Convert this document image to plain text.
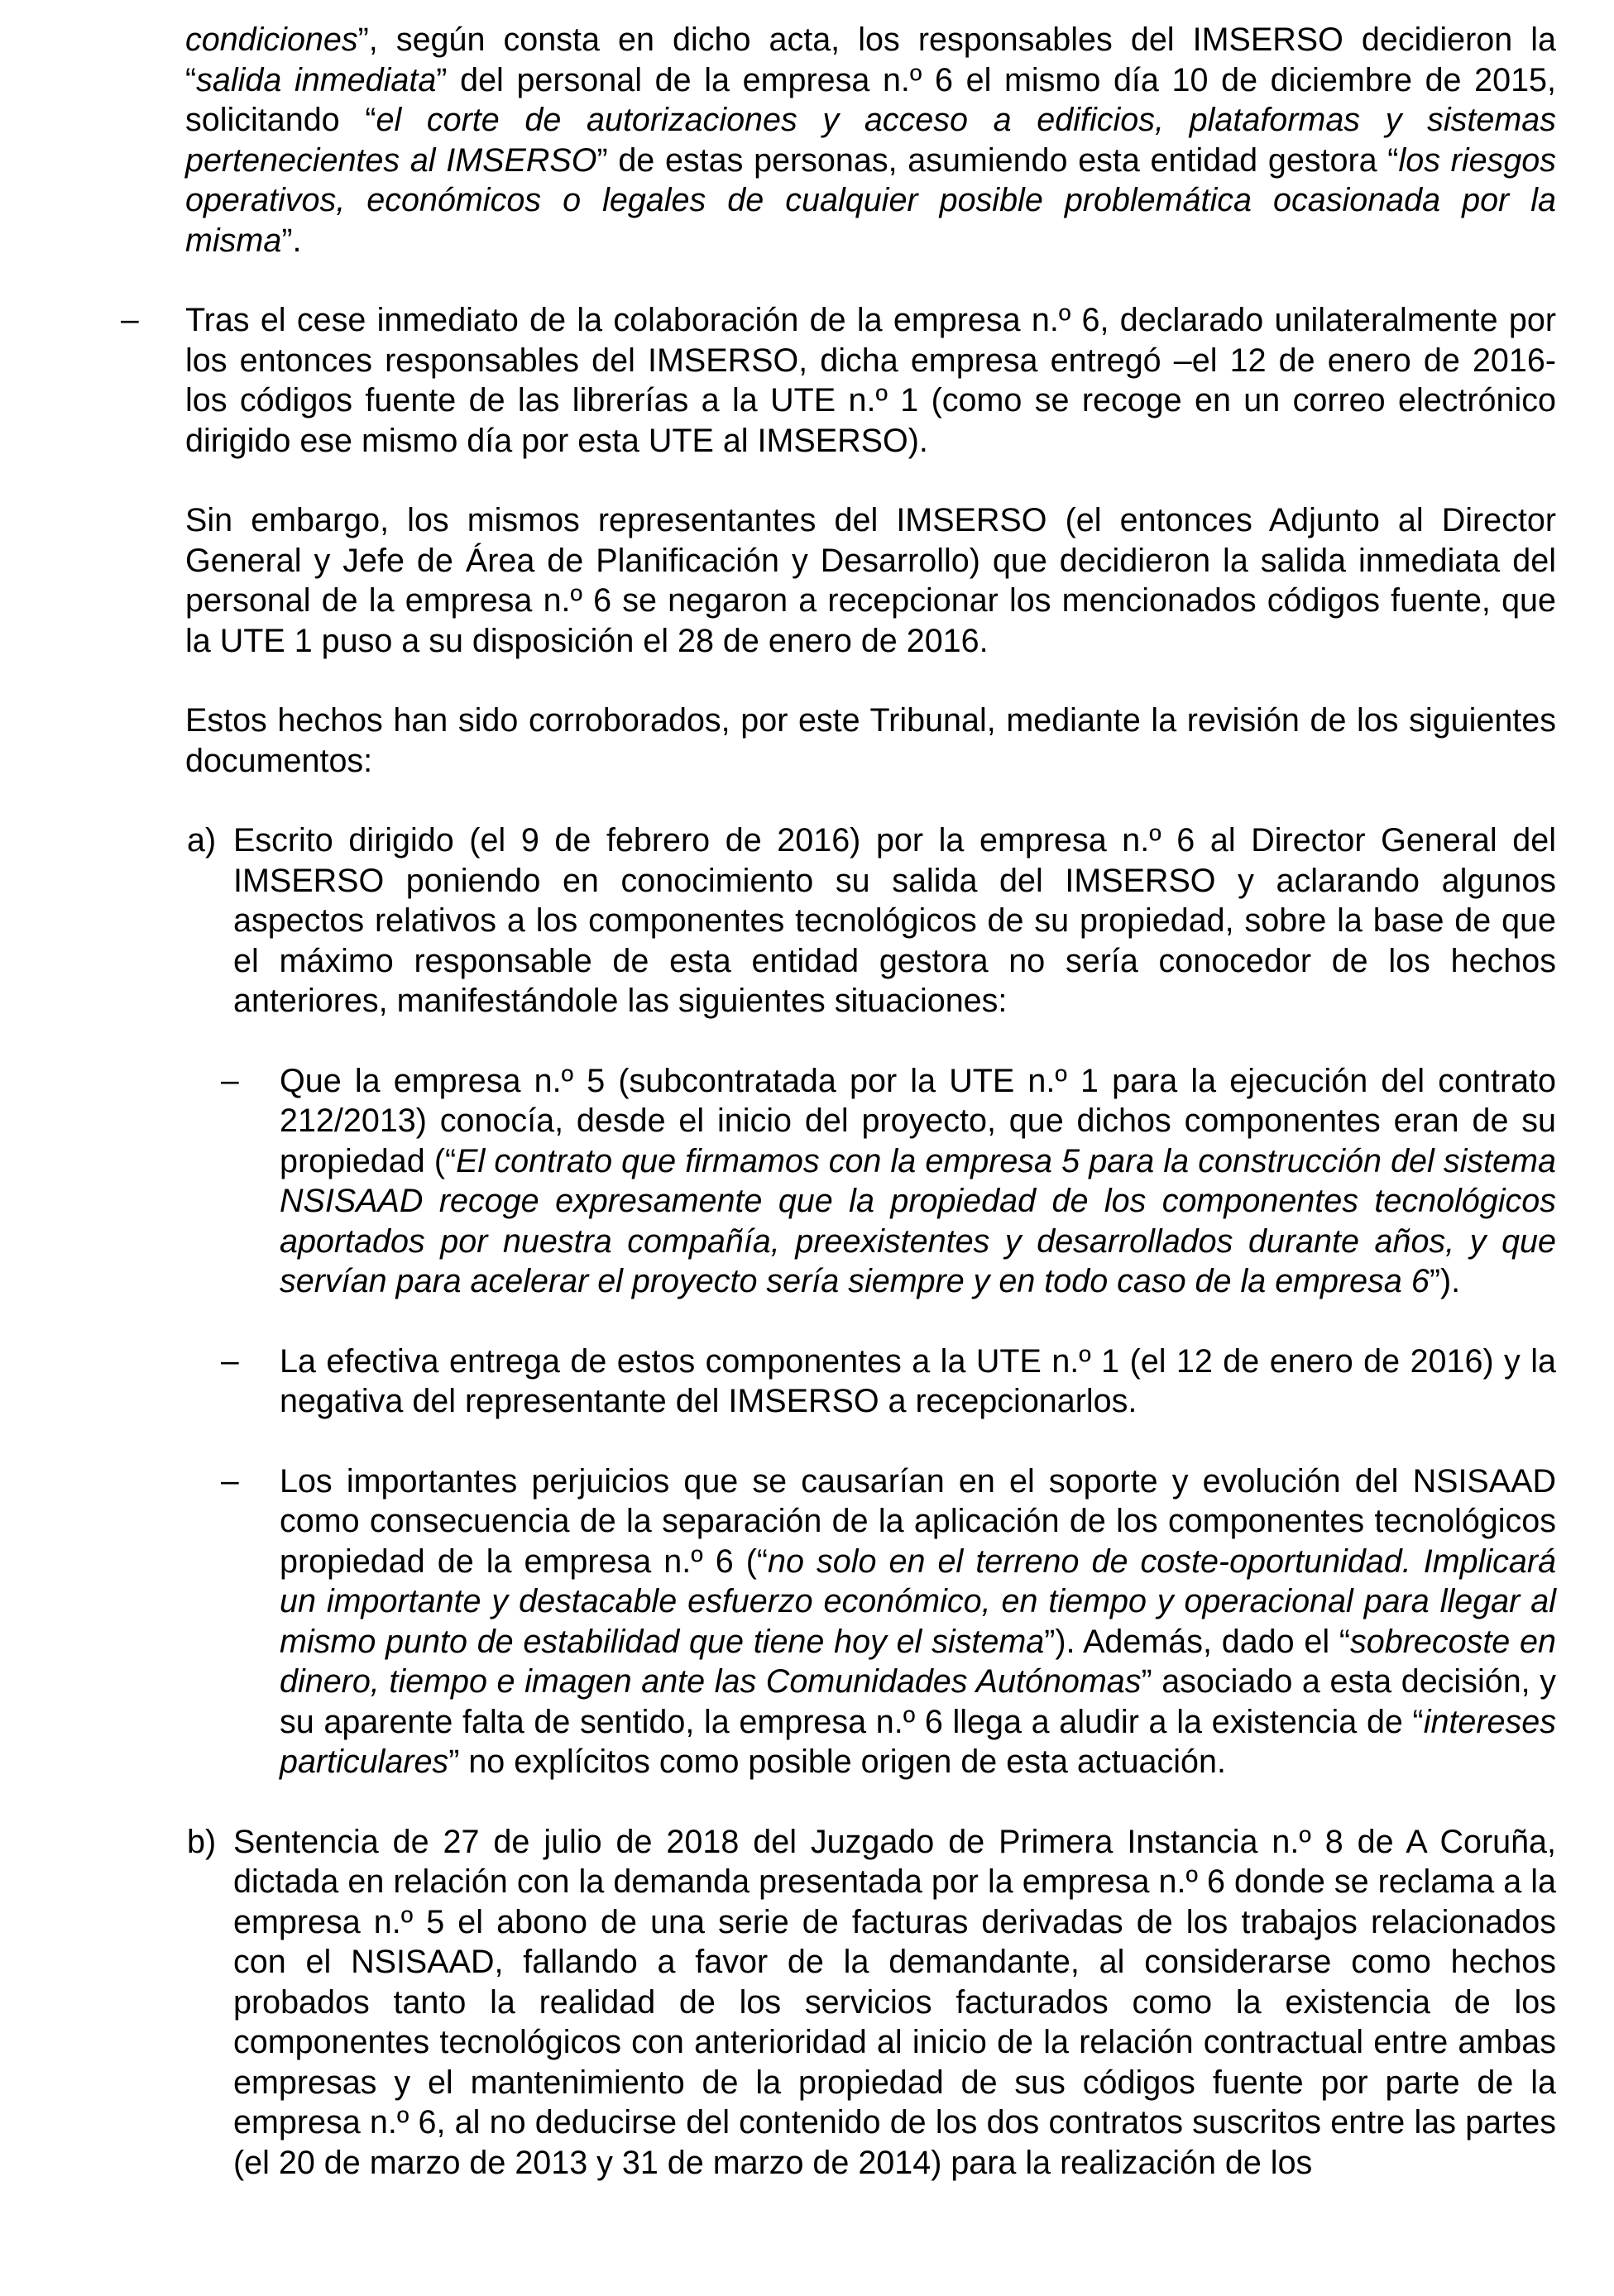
condiciones”, según consta en dicho acta, los responsables del IMSERSO decidieron la “salida inmediata” del personal de la empresa n.º 6 el mismo día 10 de diciembre de 2015, solicitando “el corte de autorizaciones y acceso a edificios, plataformas y sistemas pertenecientes al IMSERSO” de estas personas, asumiendo esta entidad gestora “los riesgos operativos, económicos o legales de cualquier posible problemática ocasionada por la misma”.

– Tras el cese inmediato de la colaboración de la empresa n.º 6, declarado unilateralmente por los entonces responsables del IMSERSO, dicha empresa entregó –el 12 de enero de 2016- los códigos fuente de las librerías a la UTE n.º 1 (como se recoge en un correo electrónico dirigido ese mismo día por esta UTE al IMSERSO).

Sin embargo, los mismos representantes del IMSERSO (el entonces Adjunto al Director General y Jefe de Área de Planificación y Desarrollo) que decidieron la salida inmediata del personal de la empresa n.º 6 se negaron a recepcionar los mencionados códigos fuente, que la UTE 1 puso a su disposición el 28 de enero de 2016.

Estos hechos han sido corroborados, por este Tribunal, mediante la revisión de los siguientes documentos:

a) Escrito dirigido (el 9 de febrero de 2016) por la empresa n.º 6 al Director General del IMSERSO poniendo en conocimiento su salida del IMSERSO y aclarando algunos aspectos relativos a los componentes tecnológicos de su propiedad, sobre la base de que el máximo responsable de esta entidad gestora no sería conocedor de los hechos anteriores, manifestándole las siguientes situaciones:

– Que la empresa n.º 5 (subcontratada por la UTE n.º 1 para la ejecución del contrato 212/2013) conocía, desde el inicio del proyecto, que dichos componentes eran de su propiedad (“El contrato que firmamos con la empresa 5 para la construcción del sistema NSISAAD recoge expresamente que la propiedad de los componentes tecnológicos aportados por nuestra compañía, preexistentes y desarrollados durante años, y que servían para acelerar el proyecto sería siempre y en todo caso de la empresa 6”).

– La efectiva entrega de estos componentes a la UTE n.º 1 (el 12 de enero de 2016) y la negativa del representante del IMSERSO a recepcionarlos.

– Los importantes perjuicios que se causarían en el soporte y evolución del NSISAAD como consecuencia de la separación de la aplicación de los componentes tecnológicos propiedad de la empresa n.º 6 (“no solo en el terreno de coste-oportunidad. Implicará un importante y destacable esfuerzo económico, en tiempo y operacional para llegar al mismo punto de estabilidad que tiene hoy el sistema”). Además, dado el “sobrecoste en dinero, tiempo e imagen ante las Comunidades Autónomas” asociado a esta decisión, y su aparente falta de sentido, la empresa n.º 6 llega a aludir a la existencia de “intereses particulares” no explícitos como posible origen de esta actuación.

b) Sentencia de 27 de julio de 2018 del Juzgado de Primera Instancia n.º 8 de A Coruña, dictada en relación con la demanda presentada por la empresa n.º 6 donde se reclama a la empresa n.º 5 el abono de una serie de facturas derivadas de los trabajos relacionados con el NSISAAD, fallando a favor de la demandante, al considerarse como hechos probados tanto la realidad de los servicios facturados como la existencia de los componentes tecnológicos con anterioridad al inicio de la relación contractual entre ambas empresas y el mantenimiento de la propiedad de sus códigos fuente por parte de la empresa n.º 6, al no deducirse del contenido de los dos contratos suscritos entre las partes (el 20 de marzo de 2013 y 31 de marzo de 2014) para la realización de los
